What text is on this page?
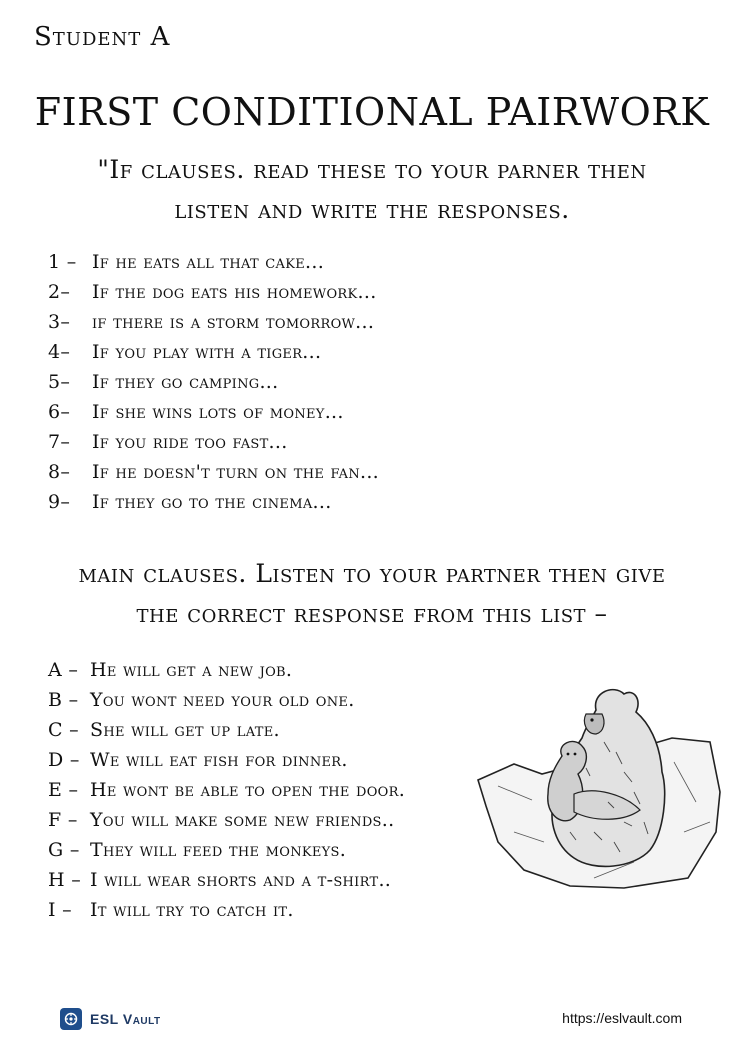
Student A
FIRST CONDITIONAL PAIRWORK
"If clauses. read these to your parner then
listen and write the responses.
1 – If he eats all that cake...
2– If the dog eats his homework...
3– if there is a storm tomorrow...
4– If you play with a tiger...
5– If they go camping...
6– If she wins lots of money...
7– If you ride too fast...
8– If he doesn't turn on the fan...
9– If they go to the cinema...
main clauses. Listen to your partner then give
the correct response from this list –
A – He will get a new job.
B – You wont need your old one.
C – She will get up late.
D – We will eat fish for dinner.
E – He wont be able to open the door.
F – You will make some new friends..
G – They will feed the monkeys.
H – I will wear shorts and a t-shirt..
I – It will try to catch it.
ESL Vault	https://eslvault.com
